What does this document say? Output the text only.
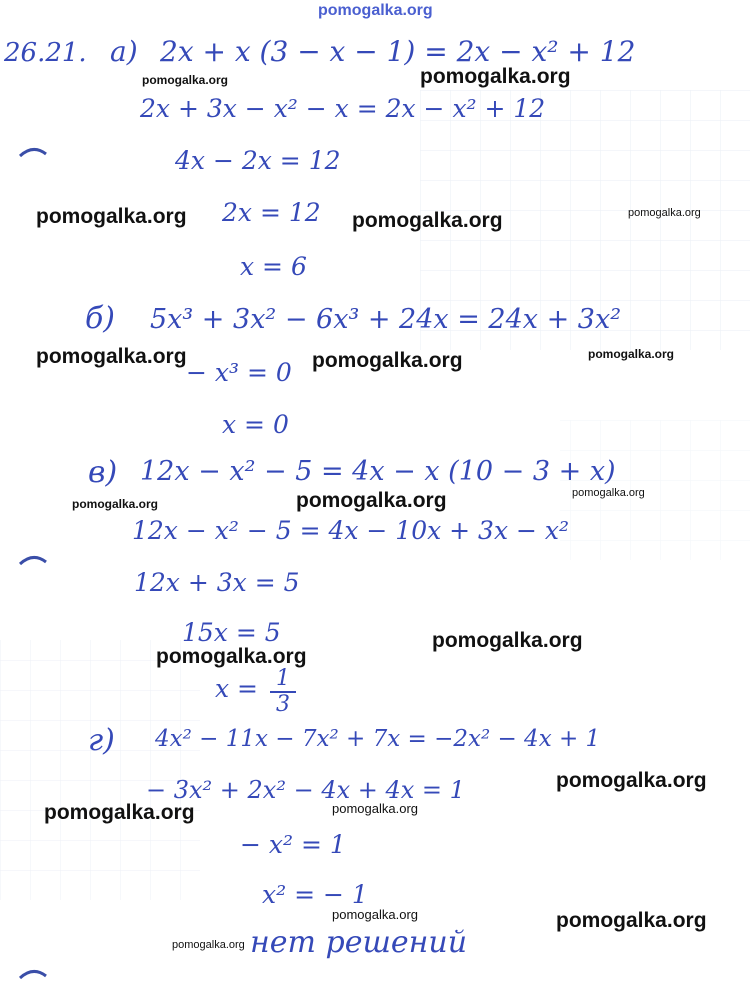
pomogalka.org
26.21. а) 2x + x (3 − x − 1) = 2x − x² + 12
2x + 3x − x² − x = 2x − x² + 12
4x − 2x = 12
2x = 12
x = 6
б) 5x³ + 3x² − 6x³ + 24x = 24x + 3x²
− x³ = 0
x = 0
в) 12x − x² − 5 = 4x − x (10 − 3 + x)
12x − x² − 5 = 4x − 10x + 3x − x²
12x + 3x = 5
15x = 5
x = 1
3
г) 4x² − 11x − 7x² + 7x = −2x² − 4x + 1
− 3x² + 2x² − 4x + 4x = 1
− x² = 1
x² = − 1
нет решений
pomogalka.org	pomogalka.org
pomogalka.org	pomogalka.org	pomogalka.org
pomogalka.org	pomogalka.org	pomogalka.org
pomogalka.org	pomogalka.org	pomogalka.org
pomogalka.org
pomogalka.org
pomogalka.org
pomogalka.org	pomogalka.org
pomogalka.org	pomogalka.org
pomogalka.org
